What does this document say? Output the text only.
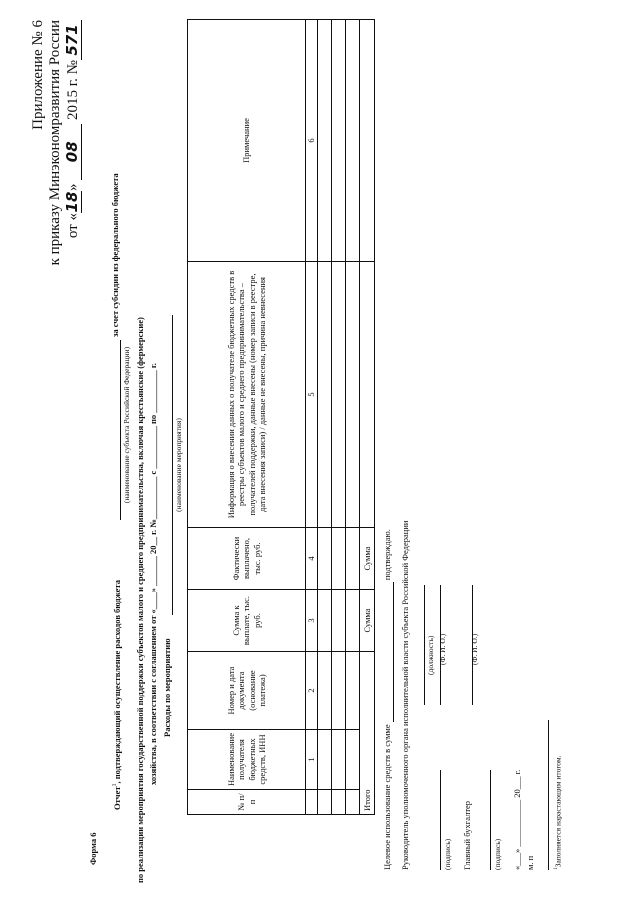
Приложение № 6 к приказу Минэкономразвития России от «18» 08 2015 г. №571
Форма 6
Отчет$^1$, подтверждающий осуществление расходов бюджета
за счет субсидии из федерального бюджета
(наименование субъекта Российской Федерации) по реализации мероприятия государственной поддержки субъектов малого и среднего предпринимательства, включая крестьянские (фермерские) хозяйства, в соответствии с соглашением от «____» _______ 20__ г. №__________ с __________ по __________ г. Расходы по мероприятию
(наименование мероприятия)
№ п/п	Наименование получателя бюджетных средств, ИНН	Номер и дата документа (основание платежа)	Сумма к выплате, тыс. руб.	Фактически выплачено, тыс. руб.	Информация о внесении данных о получателе бюджетных средств в реестры субъектов малого и среднего предпринимательства – получателей поддержки, данные внесены (номер записи в реестре, дата внесения записи) / данные не внесены, причина невнесения	Примечание
	1	2	3	4	5	6

Итого			Сумма	Сумма		
Целевое использование средств в сумме   подтверждаю. Руководитель уполномоченного органа исполнительной власти субъекта Российской Федерации (должность)
(подпись)
(Ф. И. О.)
Главный бухгалтер
(Ф. И. О.)
(подпись) «___» ___________ 20___ г. м. п	$^1$Заполняется нарастающим итогом.
